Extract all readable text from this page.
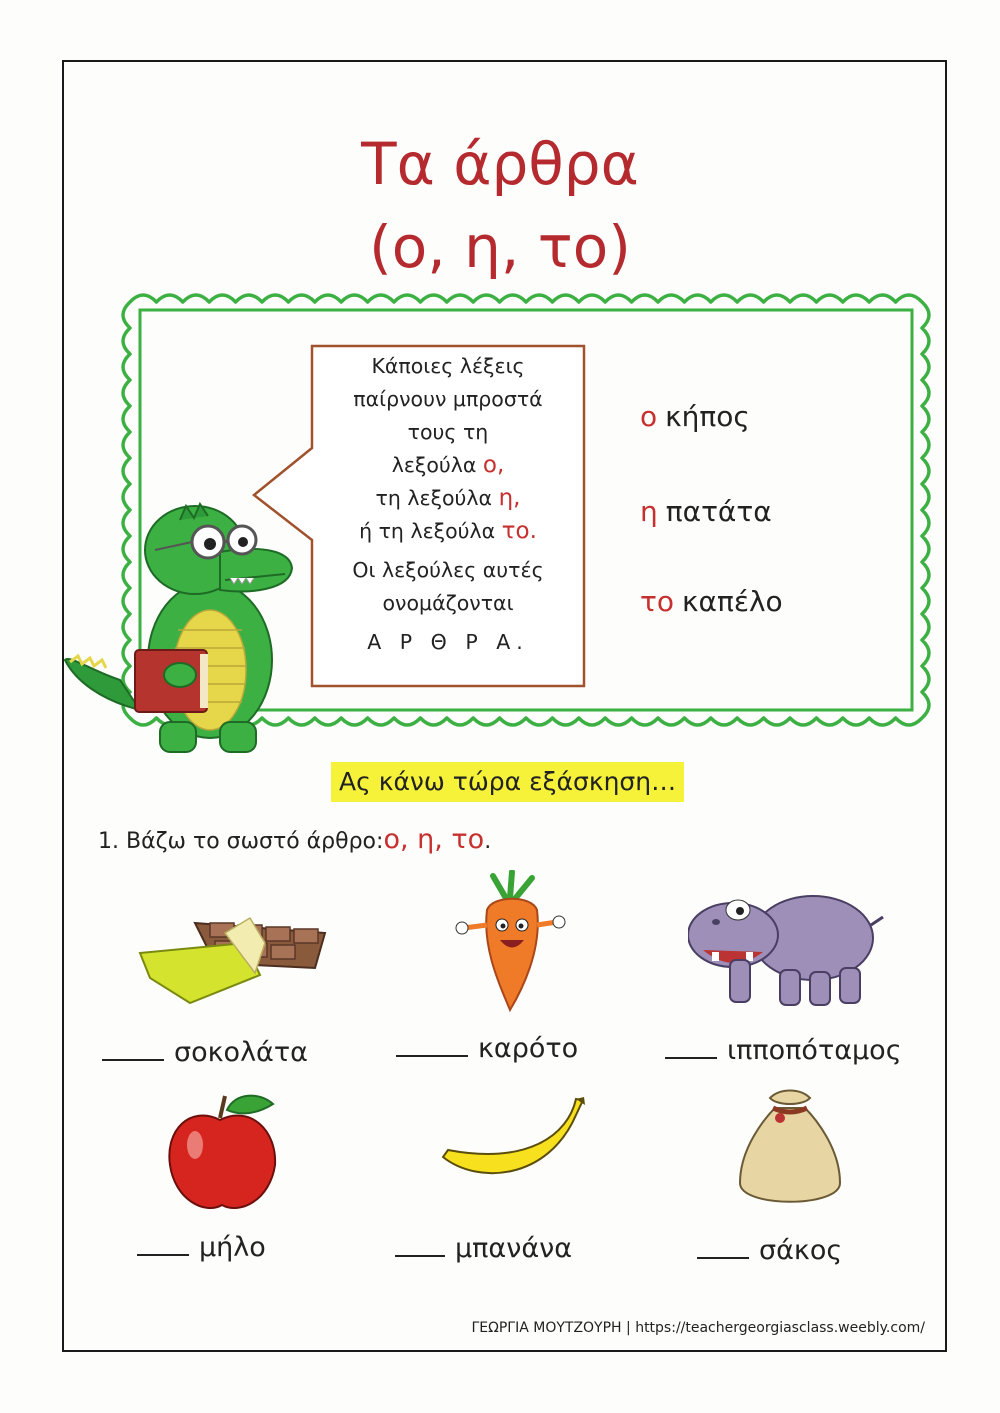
Τα άρθρα
(ο, η, το)
Κάποιες λέξεις
παίρνουν μπροστά
τους τη
λεξούλα ο,
τη λεξούλα η,
ή τη λεξούλα το.
Οι λεξούλες αυτές
ονομάζονται
Α Ρ Θ Ρ Α.
ο κήπος
η πατάτα
το καπέλο
Ας κάνω τώρα εξάσκηση…
1. Βάζω το σωστό άρθρο:ο, η, το.
σοκολάτα	καρότο	ιπποπόταμος
μήλο	μπανάνα	σάκος
ΓΕΩΡΓΙΑ ΜΟΥΤΖΟΥΡΗ | https://teachergeorgiasclass.weebly.com/
